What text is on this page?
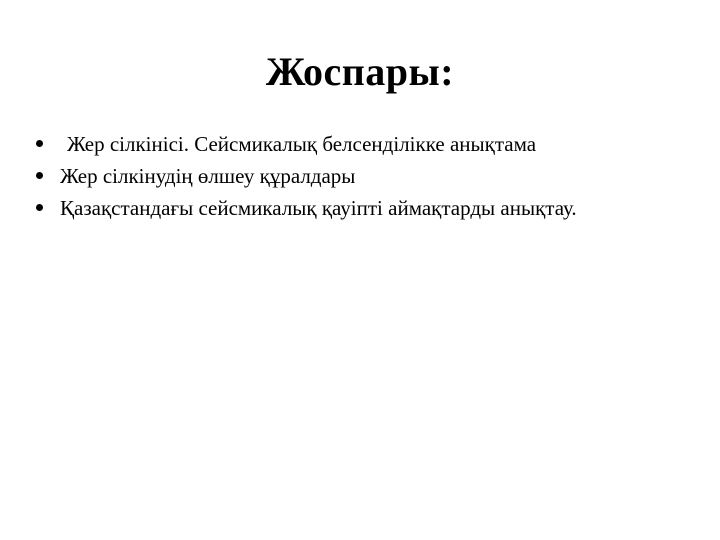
Жоспары:
Жер сілкінісі. Сейсмикалық белсенділікке анықтама
Жер сілкінудің өлшеу құралдары
Қазақстандағы сейсмикалық қауіпті аймақтарды анықтау.
